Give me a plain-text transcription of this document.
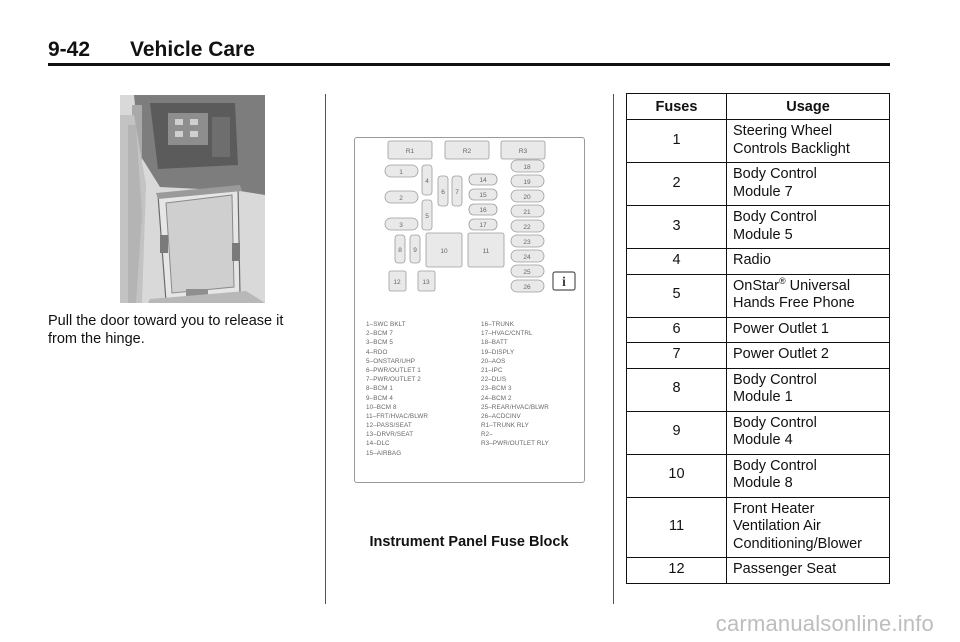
9-42 Vehicle Care
Pull the door toward you to release it from the hinge.
i
R1	R2	R3
1
2
3
4
5
6 7
14
15
16
17
18
19
20
21
22
23
24
25
26
8 9	10	11
12	13
1–SWC BKLT
2–BCM 7
3–BCM 5
4–RDO
5–ONSTAR/UHP
6–PWR/OUTLET 1
7–PWR/OUTLET 2
8–BCM 1
9–BCM 4
10–BCM 8
11–FRT/HVAC/BLWR
12–PASS/SEAT
13–DRVR/SEAT
14–DLC
15–AIRBAG
16–TRUNK
17–HVAC/CNTRL
18–BATT
19–DISPLY
20–AOS
21–IPC
22–DLIS
23–BCM 3
24–BCM 2
25–REAR/HVAC/BLWR
26–ACDCINV
R1–TRUNK RLY
R2–
R3–PWR/OUTLET RLY
Instrument Panel Fuse Block
Fuses	Usage
1	Steering Wheel
Controls Backlight

2	Body Control
Module 7

3	Body Control
Module 5

4	Radio

5	OnStar® Universal
Hands Free Phone

6	Power Outlet 1

7	Power Outlet 2

8	Body Control
Module 1

9	Body Control
Module 4

10	Body Control
Module 8

11	Front Heater
Ventilation Air
Conditioning/Blower

12	Passenger Seat
carmanualsonline.info
